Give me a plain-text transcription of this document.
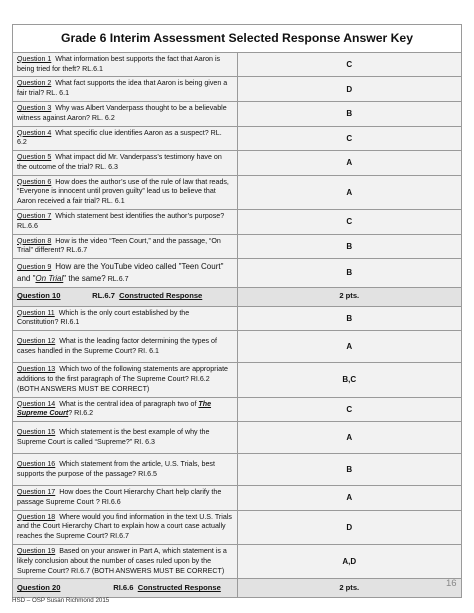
Grade 6 Interim Assessment Selected Response Answer Key	
Question 1 What information best supports the fact that Aaron is being tried for theft? RL.6.1	C
Question 2 What fact supports the idea that Aaron is being given a fair trial? RL. 6.1	D
Question 3 Why was Albert Vanderpass thought to be a believable witness against Aaron? RL. 6.2	B
Question 4 What specific clue identifies Aaron as a suspect? RL. 6.2	C
Question 5 What impact did Mr. Vanderpass’s testimony have on the outcome of the trial? RL. 6.3	A
Question 6 How does the author’s use of the rule of law that reads, “Everyone is innocent until proven guilty” lead us to believe that Aaron received a fair trial? RL. 6.1	A
Question 7 Which statement best identifies the author’s purpose? RL.6.6	C
Question 8 How is the video “Teen Court,” and the passage, “On Trial” different? RL.6.7	B
Question 9 How are the YouTube video called "Teen Court" and "On Trial" the same? RL.6.7	B
Question 10 RL.6.7 Constructed Response	2 pts.
Question 11 Which is the only court established by the Constitution? RI.6.1	B
Question 12 What is the leading factor determining the types of cases handled in the Supreme Court? RI. 6.1	A
Question 13 Which two of the following statements are appropriate additions to the first paragraph of The Supreme Court? RI.6.2 (BOTH ANSWERS MUST BE CORRECT)	B,C
Question 14 What is the central idea of paragraph two of The Supreme Court? RI.6.2	C
Question 15 Which statement is the best example of why the Supreme Court is called “Supreme?” RI. 6.3	A
Question 16 Which statement from the article, U.S. Trials, best supports the purpose of the passage? RI.6.5	B
Question 17 How does the Court Hierarchy Chart help clarify the passage Supreme Court ? RI.6.6	A
Question 18 Where would you find information in the text U.S. Trials and the Court Hierarchy Chart to explain how a court case actually reaches the Supreme Court? RI.6.7	D
Question 19 Based on your answer in Part A, which statement is a likely conclusion about the number of cases ruled upon by the Supreme Court? RI.6.7 (BOTH ANSWERS MUST BE CORRECT)	A,D
Question 20 RI.6.6 Constructed Response	2 pts.	16
HSD – OSP Susan Richmond 2015
